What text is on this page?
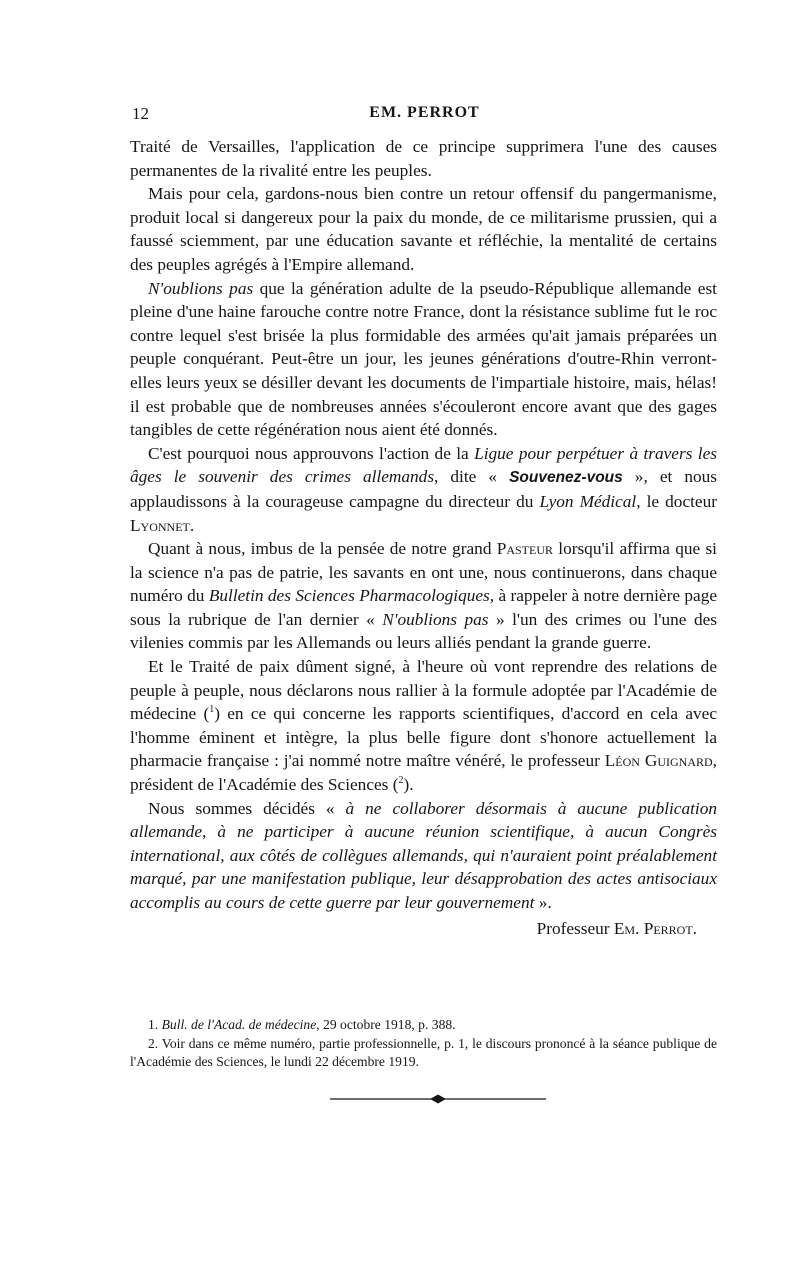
12	EM. PERROT

Traité de Versailles, l'application de ce principe supprimera l'une des causes permanentes de la rivalité entre les peuples.

Mais pour cela, gardons-nous bien contre un retour offensif du pangermanisme, produit local si dangereux pour la paix du monde, de ce militarisme prussien, qui a faussé sciemment, par une éducation savante et réfléchie, la mentalité de certains des peuples agrégés à l'Empire allemand.

N'oublions pas que la génération adulte de la pseudo-République allemande est pleine d'une haine farouche contre notre France, dont la résistance sublime fut le roc contre lequel s'est brisée la plus formidable des armées qu'ait jamais préparées un peuple conquérant. Peut-être un jour, les jeunes générations d'outre-Rhin verront-elles leurs yeux se désiller devant les documents de l'impartiale histoire, mais, hélas! il est probable que de nombreuses années s'écouleront encore avant que des gages tangibles de cette régénération nous aient été donnés.

C'est pourquoi nous approuvons l'action de la Ligue pour perpétuer à travers les âges le souvenir des crimes allemands, dite « Souvenez-vous », et nous applaudissons à la courageuse campagne du directeur du Lyon Médical, le docteur Lyonnet.

Quant à nous, imbus de la pensée de notre grand Pasteur lorsqu'il affirma que si la science n'a pas de patrie, les savants en ont une, nous continuerons, dans chaque numéro du Bulletin des Sciences Pharmacologiques, à rappeler à notre dernière page sous la rubrique de l'an dernier « N'oublions pas » l'un des crimes ou l'une des vilenies commis par les Allemands ou leurs alliés pendant la grande guerre.

Et le Traité de paix dûment signé, à l'heure où vont reprendre des relations de peuple à peuple, nous déclarons nous rallier à la formule adoptée par l'Académie de médecine ($^1$) en ce qui concerne les rapports scientifiques, d'accord en cela avec l'homme éminent et intègre, la plus belle figure dont s'honore actuellement la pharmacie française : j'ai nommé notre maître vénéré, le professeur Léon Guignard, président de l'Académie des Sciences ($^2$).

Nous sommes décidés « à ne collaborer désormais à aucune publication allemande, à ne participer à aucune réunion scientifique, à aucun Congrès international, aux côtés de collègues allemands, qui n'auraient point préalablement marqué, par une manifestation publique, leur désapprobation des actes antisociaux accomplis au cours de cette guerre par leur gouvernement ».

Professeur Em. Perrot.

1. Bull. de l'Acad. de médecine, 29 octobre 1918, p. 388.

2. Voir dans ce même numéro, partie professionnelle, p. 1, le discours prononcé à la séance publique de l'Académie des Sciences, le lundi 22 décembre 1919.
